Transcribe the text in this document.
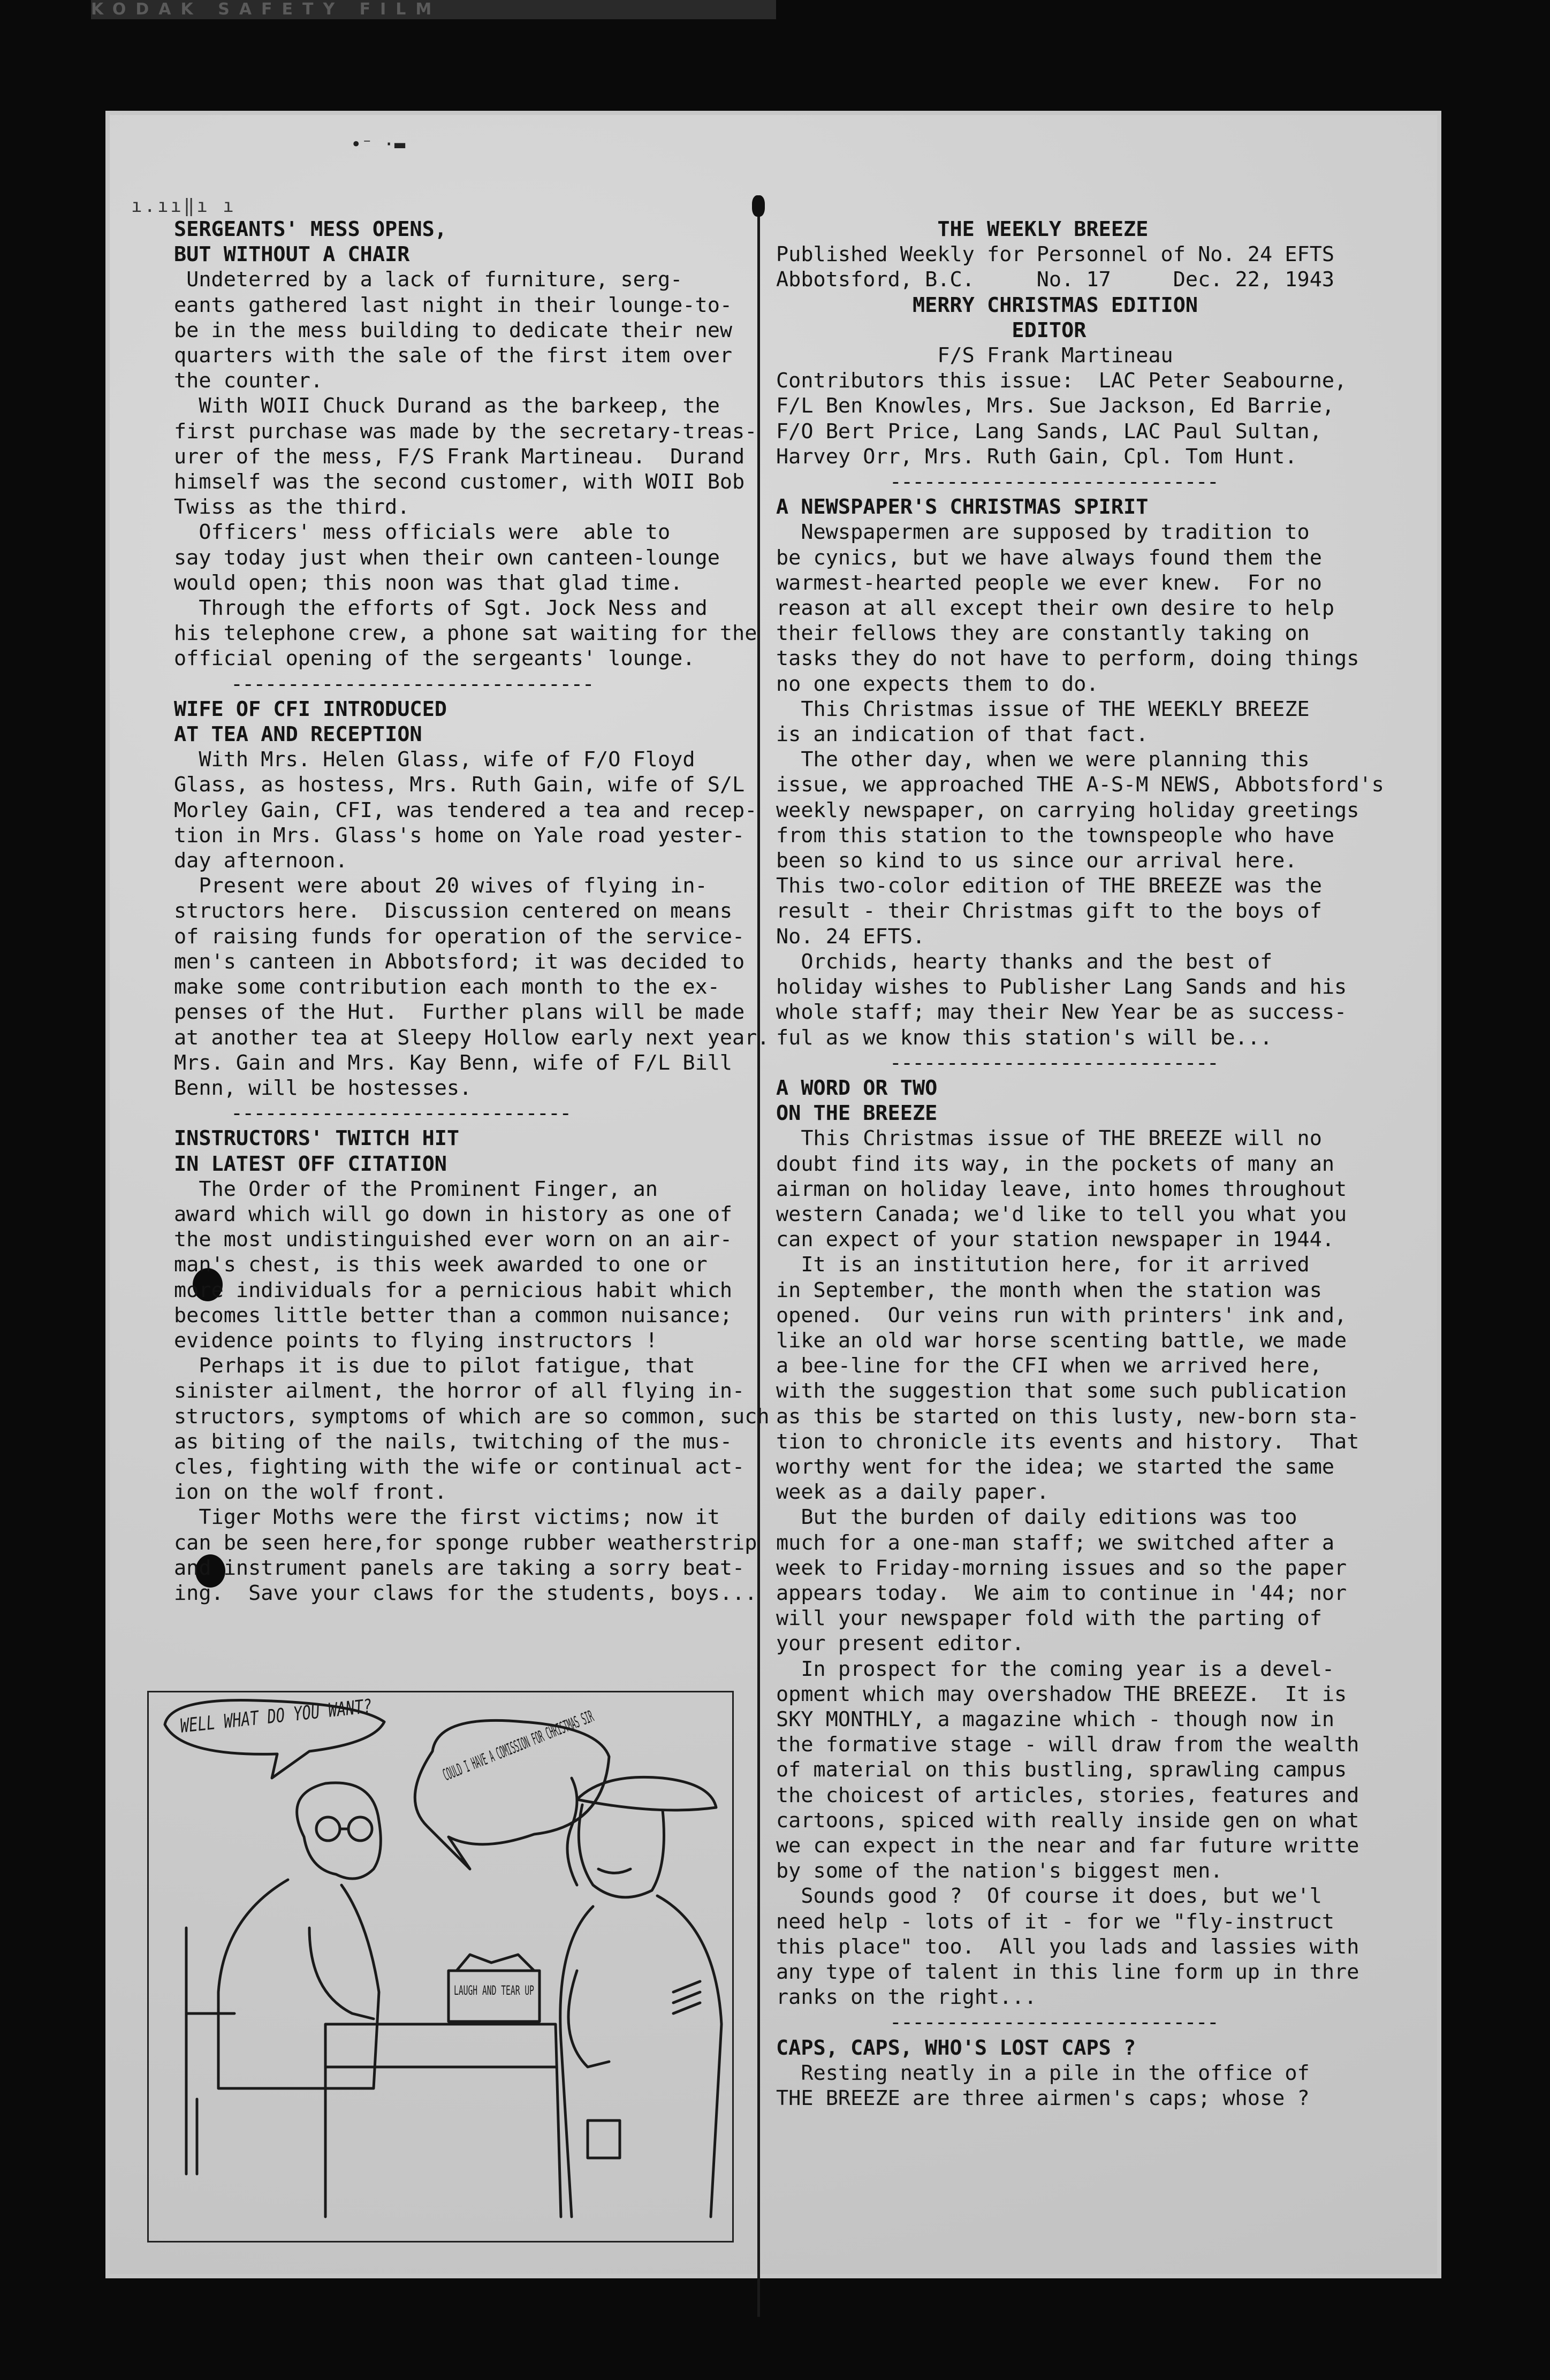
KODAK SAFETY FILM
•⁻ ·▬
ı.ıı‖ı ı

SERGEANTS' MESS OPENS,

BUT WITHOUT A CHAIR

Undeterred by a lack of furniture, serg-

eants gathered last night in their lounge-to-

be in the mess building to dedicate their new

quarters with the sale of the first item over

the counter.

With WOII Chuck Durand as the barkeep, the

first purchase was made by the secretary-treas-

urer of the mess, F/S Frank Martineau.  Durand

himself was the second customer, with WOII Bob

Twiss as the third.

Officers' mess officials were  able to

say today just when their own canteen-lounge

would open; this noon was that glad time.

Through the efforts of Sgt. Jock Ness and

his telephone crew, a phone sat waiting for the

official opening of the sergeants' lounge.

--------------------------------

WIFE OF CFI INTRODUCED

AT TEA AND RECEPTION

With Mrs. Helen Glass, wife of F/O Floyd

Glass, as hostess, Mrs. Ruth Gain, wife of S/L

Morley Gain, CFI, was tendered a tea and recep-

tion in Mrs. Glass's home on Yale road yester-

day afternoon.

Present were about 20 wives of flying in-

structors here.  Discussion centered on means

of raising funds for operation of the service-

men's canteen in Abbotsford; it was decided to

make some contribution each month to the ex-

penses of the Hut.  Further plans will be made

at another tea at Sleepy Hollow early next year.

Mrs. Gain and Mrs. Kay Benn, wife of F/L Bill

Benn, will be hostesses.

------------------------------

INSTRUCTORS' TWITCH HIT

IN LATEST OFF CITATION

The Order of the Prominent Finger, an

award which will go down in history as one of

the most undistinguished ever worn on an air-

man's chest, is this week awarded to one or

more individuals for a pernicious habit which

becomes little better than a common nuisance;

evidence points to flying instructors !

Perhaps it is due to pilot fatigue, that

sinister ailment, the horror of all flying in-

structors, symptoms of which are so common, such

as biting of the nails, twitching of the mus-

cles, fighting with the wife or continual act-

ion on the wolf front.

Tiger Moths were the first victims; now it

can be seen here,for sponge rubber weatherstrip

and instrument panels are taking a sorry beat-

ing.  Save your claws for the students, boys...

THE WEEKLY BREEZE

Published Weekly for Personnel of No. 24 EFTS

Abbotsford, B.C.     No. 17     Dec. 22, 1943

MERRY CHRISTMAS EDITION

EDITOR

F/S Frank Martineau

Contributors this issue:  LAC Peter Seabourne,

F/L Ben Knowles, Mrs. Sue Jackson, Ed Barrie,

F/O Bert Price, Lang Sands, LAC Paul Sultan,

Harvey Orr, Mrs. Ruth Gain, Cpl. Tom Hunt.

-----------------------------

A NEWSPAPER'S CHRISTMAS SPIRIT

Newspapermen are supposed by tradition to

be cynics, but we have always found them the

warmest-hearted people we ever knew.  For no

reason at all except their own desire to help

their fellows they are constantly taking on

tasks they do not have to perform, doing things

no one expects them to do.

This Christmas issue of THE WEEKLY BREEZE

is an indication of that fact.

The other day, when we were planning this

issue, we approached THE A-S-M NEWS, Abbotsford's

weekly newspaper, on carrying holiday greetings

from this station to the townspeople who have

been so kind to us since our arrival here.

This two-color edition of THE BREEZE was the

result - their Christmas gift to the boys of

No. 24 EFTS.

Orchids, hearty thanks and the best of

holiday wishes to Publisher Lang Sands and his

whole staff; may their New Year be as success-

ful as we know this station's will be...

-----------------------------

A WORD OR TWO

ON THE BREEZE

This Christmas issue of THE BREEZE will no

doubt find its way, in the pockets of many an

airman on holiday leave, into homes throughout

western Canada; we'd like to tell you what you

can expect of your station newspaper in 1944.

It is an institution here, for it arrived

in September, the month when the station was

opened.  Our veins run with printers' ink and,

like an old war horse scenting battle, we made

a bee-line for the CFI when we arrived here,

with the suggestion that some such publication

as this be started on this lusty, new-born sta-

tion to chronicle its events and history.  That

worthy went for the idea; we started the same

week as a daily paper.

But the burden of daily editions was too

much for a one-man staff; we switched after a

week to Friday-morning issues and so the paper

appears today.  We aim to continue in '44; nor

will your newspaper fold with the parting of

your present editor.

In prospect for the coming year is a devel-

opment which may overshadow THE BREEZE.  It is

SKY MONTHLY, a magazine which - though now in

the formative stage - will draw from the wealth

of material on this bustling, sprawling campus

the choicest of articles, stories, features and

cartoons, spiced with really inside gen on what

we can expect in the near and far future writte

by some of the nation's biggest men.

Sounds good ?  Of course it does, but we'l

need help - lots of it - for we "fly-instruct

this place" too.  All you lads and lassies with

any type of talent in this line form up in thre

ranks on the right...

-----------------------------

CAPS, CAPS, WHO'S LOST CAPS ?

Resting neatly in a pile in the office of

THE BREEZE are three airmen's caps; whose ?

WELL WHAT DO YOU WANT? COULD I HAVE A COMISSION FOR CHRISTMAS SIR
LAUGH AND TEAR UP
